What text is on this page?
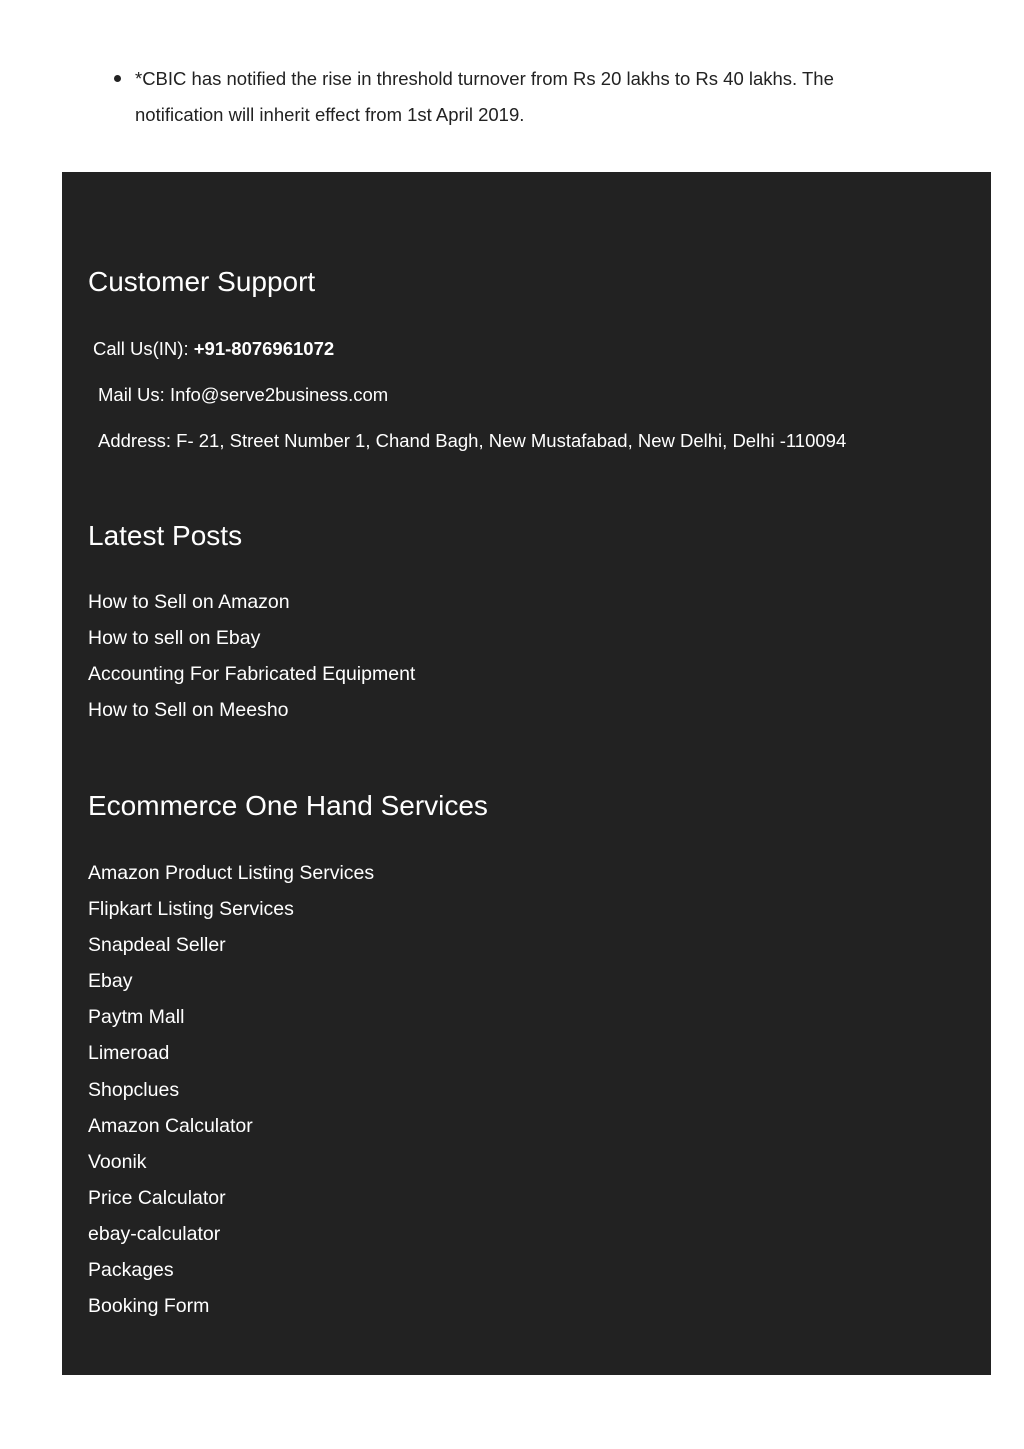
*CBIC has notified the rise in threshold turnover from Rs 20 lakhs to Rs 40 lakhs. The notification will inherit effect from 1st April 2019.
Customer Support
Call Us(IN): +91-8076961072
Mail Us: Info@serve2business.com
Address: F- 21, Street Number 1, Chand Bagh, New Mustafabad, New Delhi, Delhi -110094
Latest Posts
How to Sell on Amazon
How to sell on Ebay
Accounting For Fabricated Equipment
How to Sell on Meesho
Ecommerce One Hand Services
Amazon Product Listing Services
Flipkart Listing Services
Snapdeal Seller
Ebay
Paytm Mall
Limeroad
Shopclues
Amazon Calculator
Voonik
Price Calculator
ebay-calculator
Packages
Booking Form
